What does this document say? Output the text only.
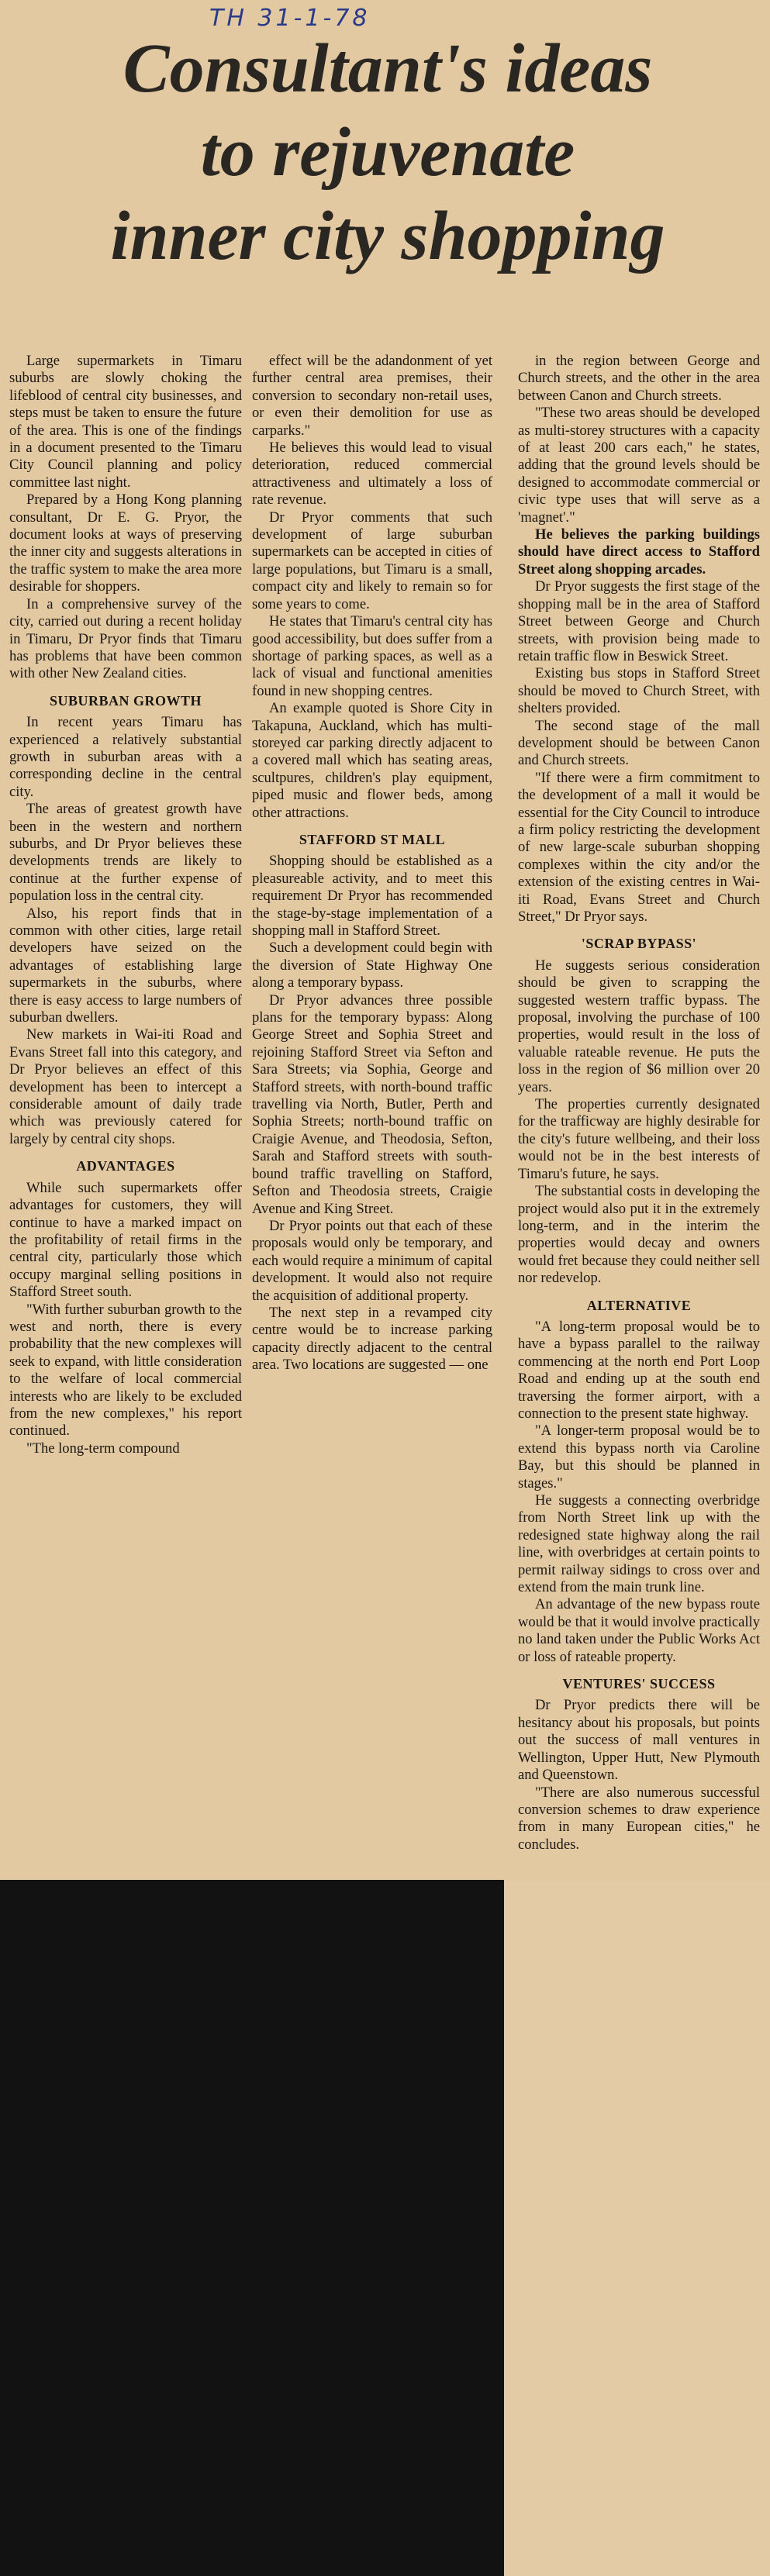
TH 31-1-78
Consultant's ideas
to rejuvenate
inner city shopping

Large supermarkets in Timaru suburbs are slowly choking the lifeblood of central city businesses, and steps must be taken to ensure the future of the area. This is one of the findings in a document presented to the Timaru City Council planning and policy committee last night.

Prepared by a Hong Kong planning consultant, Dr E. G. Pryor, the document looks at ways of preserving the inner city and suggests alterations in the traffic system to make the area more desirable for shoppers.

In a comprehensive survey of the city, carried out during a recent holiday in Timaru, Dr Pryor finds that Timaru has problems that have been common with other New Zealand cities.

SUBURBAN GROWTH

In recent years Timaru has experienced a relatively substantial growth in suburban areas with a corresponding decline in the central city.

The areas of greatest growth have been in the western and northern suburbs, and Dr Pryor believes these developments trends are likely to continue at the further expense of population loss in the central city.

Also, his report finds that in common with other cities, large retail developers have seized on the advantages of establishing large supermarkets in the suburbs, where there is easy access to large numbers of suburban dwellers.

New markets in Wai-iti Road and Evans Street fall into this category, and Dr Pryor believes an effect of this development has been to intercept a considerable amount of daily trade which was previously catered for largely by central city shops.

ADVANTAGES

While such supermarkets offer advantages for customers, they will continue to have a marked impact on the profitability of retail firms in the central city, particularly those which occupy marginal selling positions in Stafford Street south.

"With further suburban growth to the west and north, there is every probability that the new complexes will seek to expand, with little consideration to the welfare of local commercial interests who are likely to be excluded from the new complexes," his report continued.

"The long-term compound

effect will be the adandonment of yet further central area premises, their conversion to secondary non-retail uses, or even their demolition for use as carparks."

He believes this would lead to visual deterioration, reduced commercial attractiveness and ultimately a loss of rate revenue.

Dr Pryor comments that such development of large suburban supermarkets can be accepted in cities of large populations, but Timaru is a small, compact city and likely to remain so for some years to come.

He states that Timaru's central city has good accessibility, but does suffer from a shortage of parking spaces, as well as a lack of visual and functional amenities found in new shopping centres.

An example quoted is Shore City in Takapuna, Auckland, which has multi-storeyed car parking directly adjacent to a covered mall which has seating areas, scultpures, children's play equipment, piped music and flower beds, among other attractions.

STAFFORD ST MALL

Shopping should be established as a pleasureable activity, and to meet this requirement Dr Pryor has recommended the stage-by-stage implementation of a shopping mall in Stafford Street.

Such a development could begin with the diversion of State Highway One along a temporary bypass.

Dr Pryor advances three possible plans for the temporary bypass: Along George Street and Sophia Street and rejoining Stafford Street via Sefton and Sara Streets; via Sophia, George and Stafford streets, with north-bound traffic travelling via North, Butler, Perth and Sophia Streets; north-bound traffic on Craigie Avenue, and Theodosia, Sefton, Sarah and Stafford streets with south-bound traffic travelling on Stafford, Sefton and Theodosia streets, Craigie Avenue and King Street.

Dr Pryor points out that each of these proposals would only be temporary, and each would require a minimum of capital development. It would also not require the acquisition of additional property.

The next step in a revamped city centre would be to increase parking capacity directly adjacent to the central area. Two locations are suggested — one

in the region between George and Church streets, and the other in the area between Canon and Church streets.

"These two areas should be developed as multi-storey structures with a capacity of at least 200 cars each," he states, adding that the ground levels should be designed to accommodate commercial or civic type uses that will serve as a 'magnet'."

He believes the parking buildings should have direct access to Stafford Street along shopping arcades.

Dr Pryor suggests the first stage of the shopping mall be in the area of Stafford Street between George and Church streets, with provision being made to retain traffic flow in Beswick Street.

Existing bus stops in Stafford Street should be moved to Church Street, with shelters provided.

The second stage of the mall development should be between Canon and Church streets.

"If there were a firm commitment to the development of a mall it would be essential for the City Council to introduce a firm policy restricting the development of new large-scale suburban shopping complexes within the city and/or the extension of the existing centres in Wai-iti Road, Evans Street and Church Street," Dr Pryor says.

'SCRAP BYPASS'

He suggests serious consideration should be given to scrapping the suggested western traffic bypass. The proposal, involving the purchase of 100 properties, would result in the loss of valuable rateable revenue. He puts the loss in the region of $6 million over 20 years.

The properties currently designated for the trafficway are highly desirable for the city's future wellbeing, and their loss would not be in the best interests of Timaru's future, he says.

The substantial costs in developing the project would also put it in the extremely long-term, and in the interim the properties would decay and owners would fret because they could neither sell nor redevelop.

ALTERNATIVE

"A long-term proposal would be to have a bypass parallel to the railway commencing at the north end Port Loop Road and ending up at the south end traversing the former airport, with a connection to the present state highway.

"A longer-term proposal would be to extend this bypass north via Caroline Bay, but this should be planned in stages."

He suggests a connecting overbridge from North Street link up with the redesigned state highway along the rail line, with overbridges at certain points to permit railway sidings to cross over and extend from the main trunk line.

An advantage of the new bypass route would be that it would involve practically no land taken under the Public Works Act or loss of rateable property.

VENTURES' SUCCESS

Dr Pryor predicts there will be hesitancy about his proposals, but points out the success of mall ventures in Wellington, Upper Hutt, New Plymouth and Queenstown.

"There are also numerous successful conversion schemes to draw experience from in many European cities," he concludes.
